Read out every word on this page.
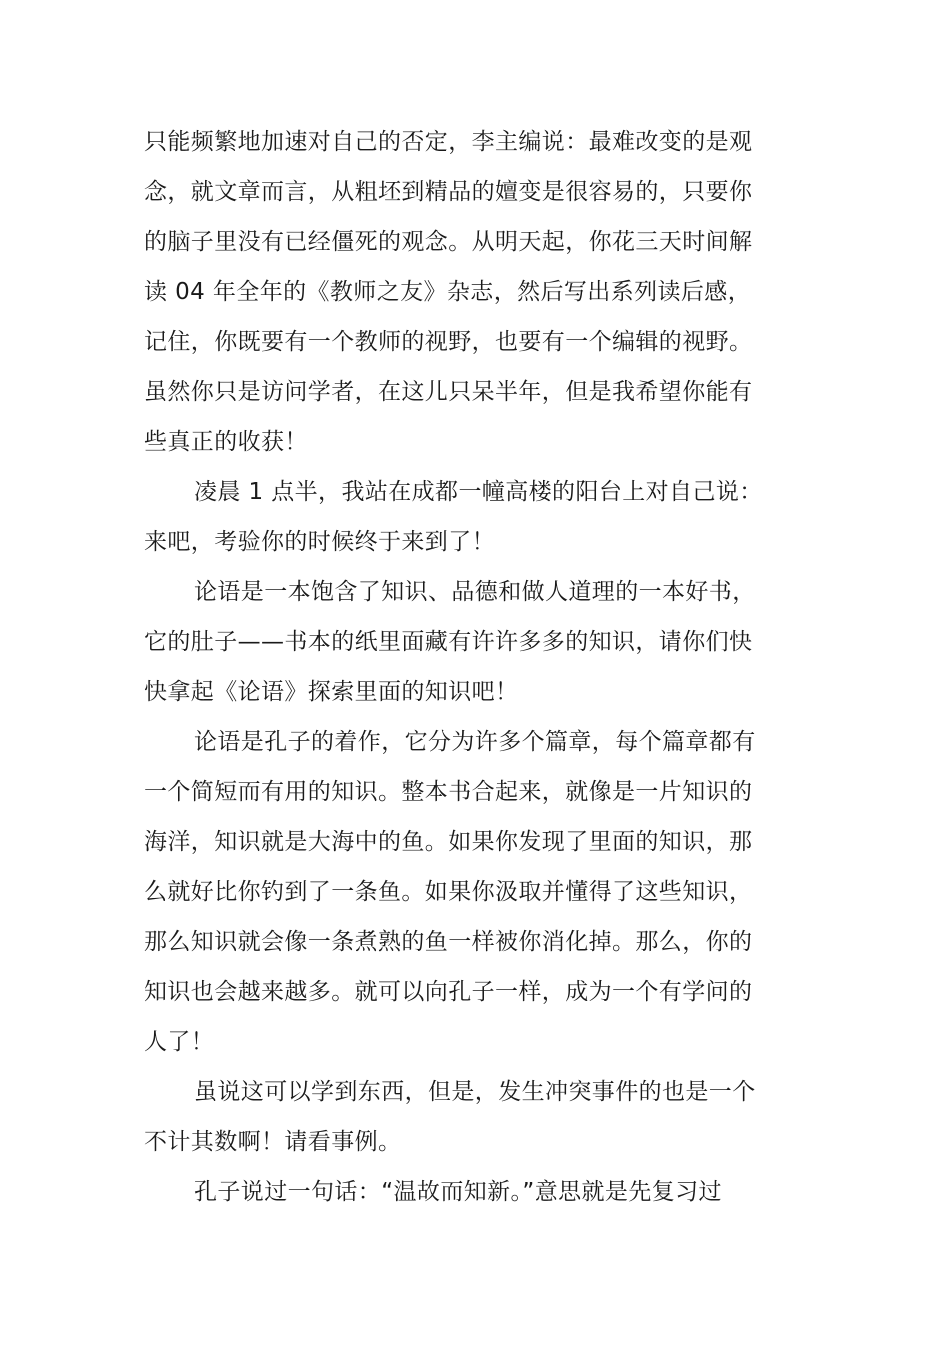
只能频繁地加速对自己的否定，李主编说：最难改变的是观
念，就文章而言，从粗坯到精品的嬗变是很容易的，只要你
的脑子里没有已经僵死的观念。从明天起，你花三天时间解
读 04 年全年的《教师之友》杂志，然后写出系列读后感，
记住，你既要有一个教师的视野，也要有一个编辑的视野。
虽然你只是访问学者，在这儿只呆半年，但是我希望你能有
些真正的收获！
凌晨 1 点半，我站在成都一幢高楼的阳台上对自己说：
来吧，考验你的时候终于来到了！
论语是一本饱含了知识、品德和做人道理的一本好书，
它的肚子——书本的纸里面藏有许许多多的知识，请你们快
快拿起《论语》探索里面的知识吧！
论语是孔子的着作，它分为许多个篇章，每个篇章都有
一个简短而有用的知识。整本书合起来，就像是一片知识的
海洋，知识就是大海中的鱼。如果你发现了里面的知识，那
么就好比你钓到了一条鱼。如果你汲取并懂得了这些知识，
那么知识就会像一条煮熟的鱼一样被你消化掉。那么，你的
知识也会越来越多。就可以向孔子一样，成为一个有学问的
人了！
虽说这可以学到东西，但是，发生冲突事件的也是一个
不计其数啊！请看事例。
孔子说过一句话：“温故而知新。”意思就是先复习过
